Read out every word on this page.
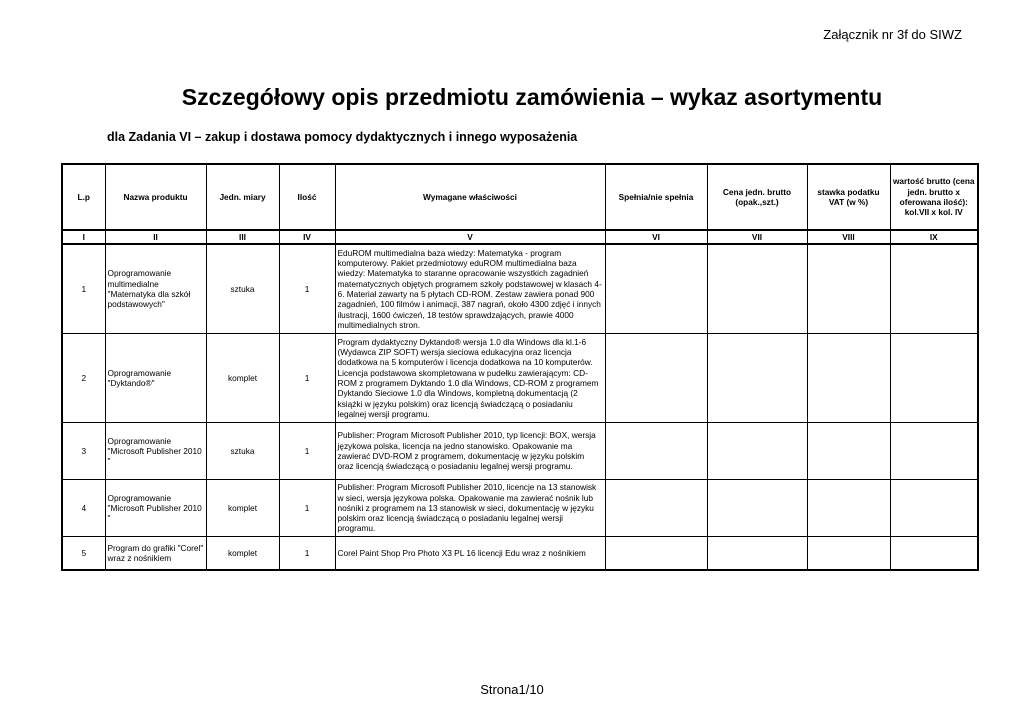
Załącznik nr 3f do SIWZ
Szczegółowy opis przedmiotu zamówienia – wykaz asortymentu
dla Zadania VI – zakup i dostawa pomocy dydaktycznych i innego wyposażenia
L.p	Nazwa produktu	Jedn. miary	Ilość	Wymagane właściwości	Spełnia/nie spełnia	Cena jedn. brutto (opak.,szt.)	stawka podatku VAT (w %)	wartość brutto (cena jedn. brutto x oferowana ilość): kol.VII x kol. IV
I	II	III	IV	V	VI	VII	VIII	IX
1	Oprogramowanie multimedialne "Matematyka dla szkół podstawowych"	sztuka	1	EduROM multimedialna baza wiedzy: Matematyka - program komputerowy. Pakiet przedmiotowy eduROM multimedialna baza wiedzy: Matematyka to staranne opracowanie wszystkich zagadnień matematycznych objętych programem szkoły podstawowej w klasach 4-6. Materiał zawarty na 5 płytach CD-ROM. Zestaw zawiera ponad 900 zagadnień, 100 filmów i animacji, 387 nagrań, około 4300 zdjęć i innych ilustracji, 1600 ćwiczeń, 18 testów sprawdzających, prawie 4000 multimedialnych stron.				
2	Oprogramowanie "Dyktando®"	komplet	1	Program dydaktyczny Dyktando® wersja 1.0 dla Windows dla kl.1-6 (Wydawca ZIP SOFT) wersja sieciowa edukacyjna oraz licencja dodatkowa na 5 komputerów i licencja dodatkowa na 10 komputerów. Licencja podstawowa skompletowana w pudełku zawierającym: CD-ROM z programem Dyktando 1.0 dla Windows, CD-ROM z programem Dyktando Sieciowe 1.0 dla Windows, kompletną dokumentacją (2 książki w języku polskim) oraz licencją świadczącą o posiadaniu legalnej wersji programu.				
3	Oprogramowanie "Microsoft Publisher 2010 "	sztuka	1	Publisher: Program Microsoft Publisher 2010, typ licencji: BOX, wersja językowa polska, licencja na jedno stanowisko. Opakowanie ma zawierać DVD-ROM z programem, dokumentację w języku polskim oraz licencją świadczącą o posiadaniu legalnej wersji programu.				
4	Oprogramowanie "Microsoft Publisher 2010 "	komplet	1	Publisher: Program Microsoft Publisher 2010, licencje na 13 stanowisk w sieci, wersja językowa polska. Opakowanie ma zawierać nośnik lub nośniki z programem na 13 stanowisk w sieci, dokumentację w języku polskim oraz licencją świadczącą o posiadaniu legalnej wersji programu.				
5	Program do grafiki "Corel" wraz z nośnikiem	komplet	1	Corel Paint Shop Pro Photo X3 PL 16 licencji Edu wraz z nośnikiem				
Strona1/10
